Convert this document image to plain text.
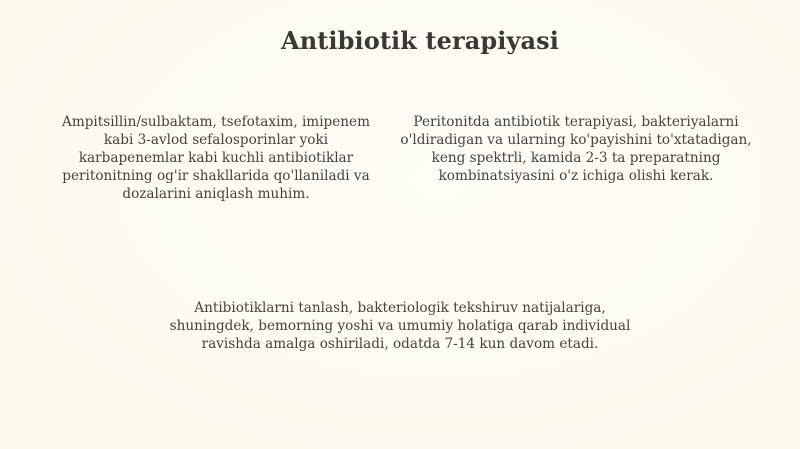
Antibiotik terapiyasi
Ampitsillin/sulbaktam, tsefotaxim, imipenem kabi 3-avlod sefalosporinlar yoki karbapenemlar kabi kuchli antibiotiklar peritonitning og'ir shakllarida qo'llaniladi va dozalarini aniqlash muhim.
Peritonitda antibiotik terapiyasi, bakteriyalarni o'ldiradigan va ularning ko'payishini to'xtatadigan, keng spektrli, kamida 2-3 ta preparatning kombinatsiyasini o'z ichiga olishi kerak.
Antibiotiklarni tanlash, bakteriologik tekshiruv natijalariga, shuningdek, bemorning yoshi va umumiy holatiga qarab individual ravishda amalga oshiriladi, odatda 7-14 kun davom etadi.
